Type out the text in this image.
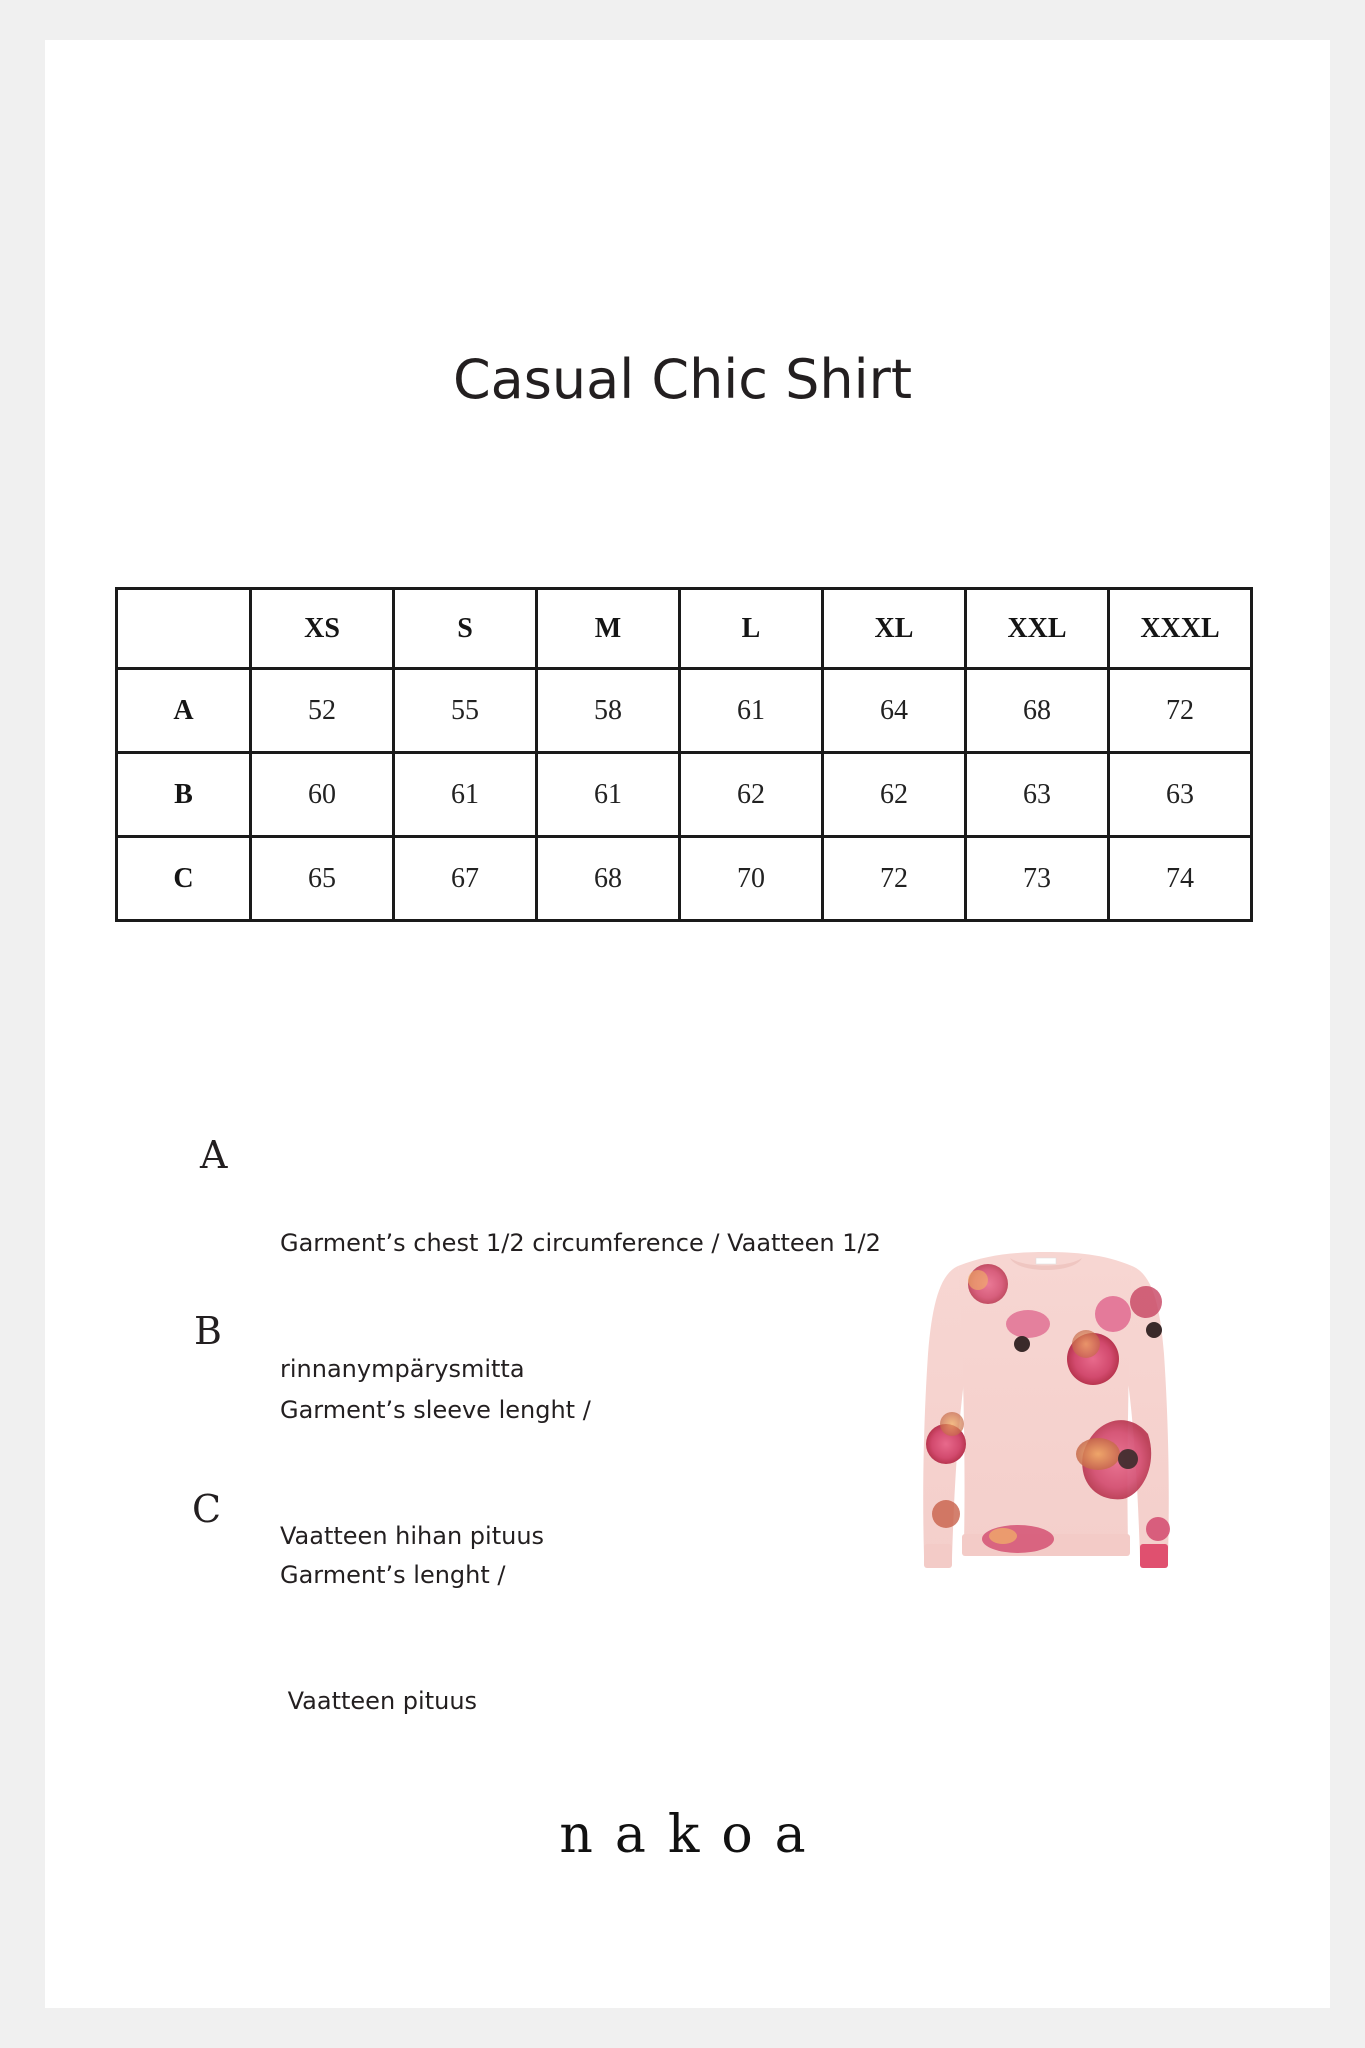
Casual Chic Shirt
	XS	S	M	L	XL	XXL	XXXL
A	52	55	58	61	64	68	72
B	60	61	61	62	62	63	63
C	65	67	68	70	72	73	74
A

Garment’s chest 1/2 circumference / Vaatteen 1/2

rinnanympärysmitta

B

Garment’s sleeve lenght /

Vaatteen hihan pituus

C

Garment’s lenght /

Vaatteen pituus

nakoa
